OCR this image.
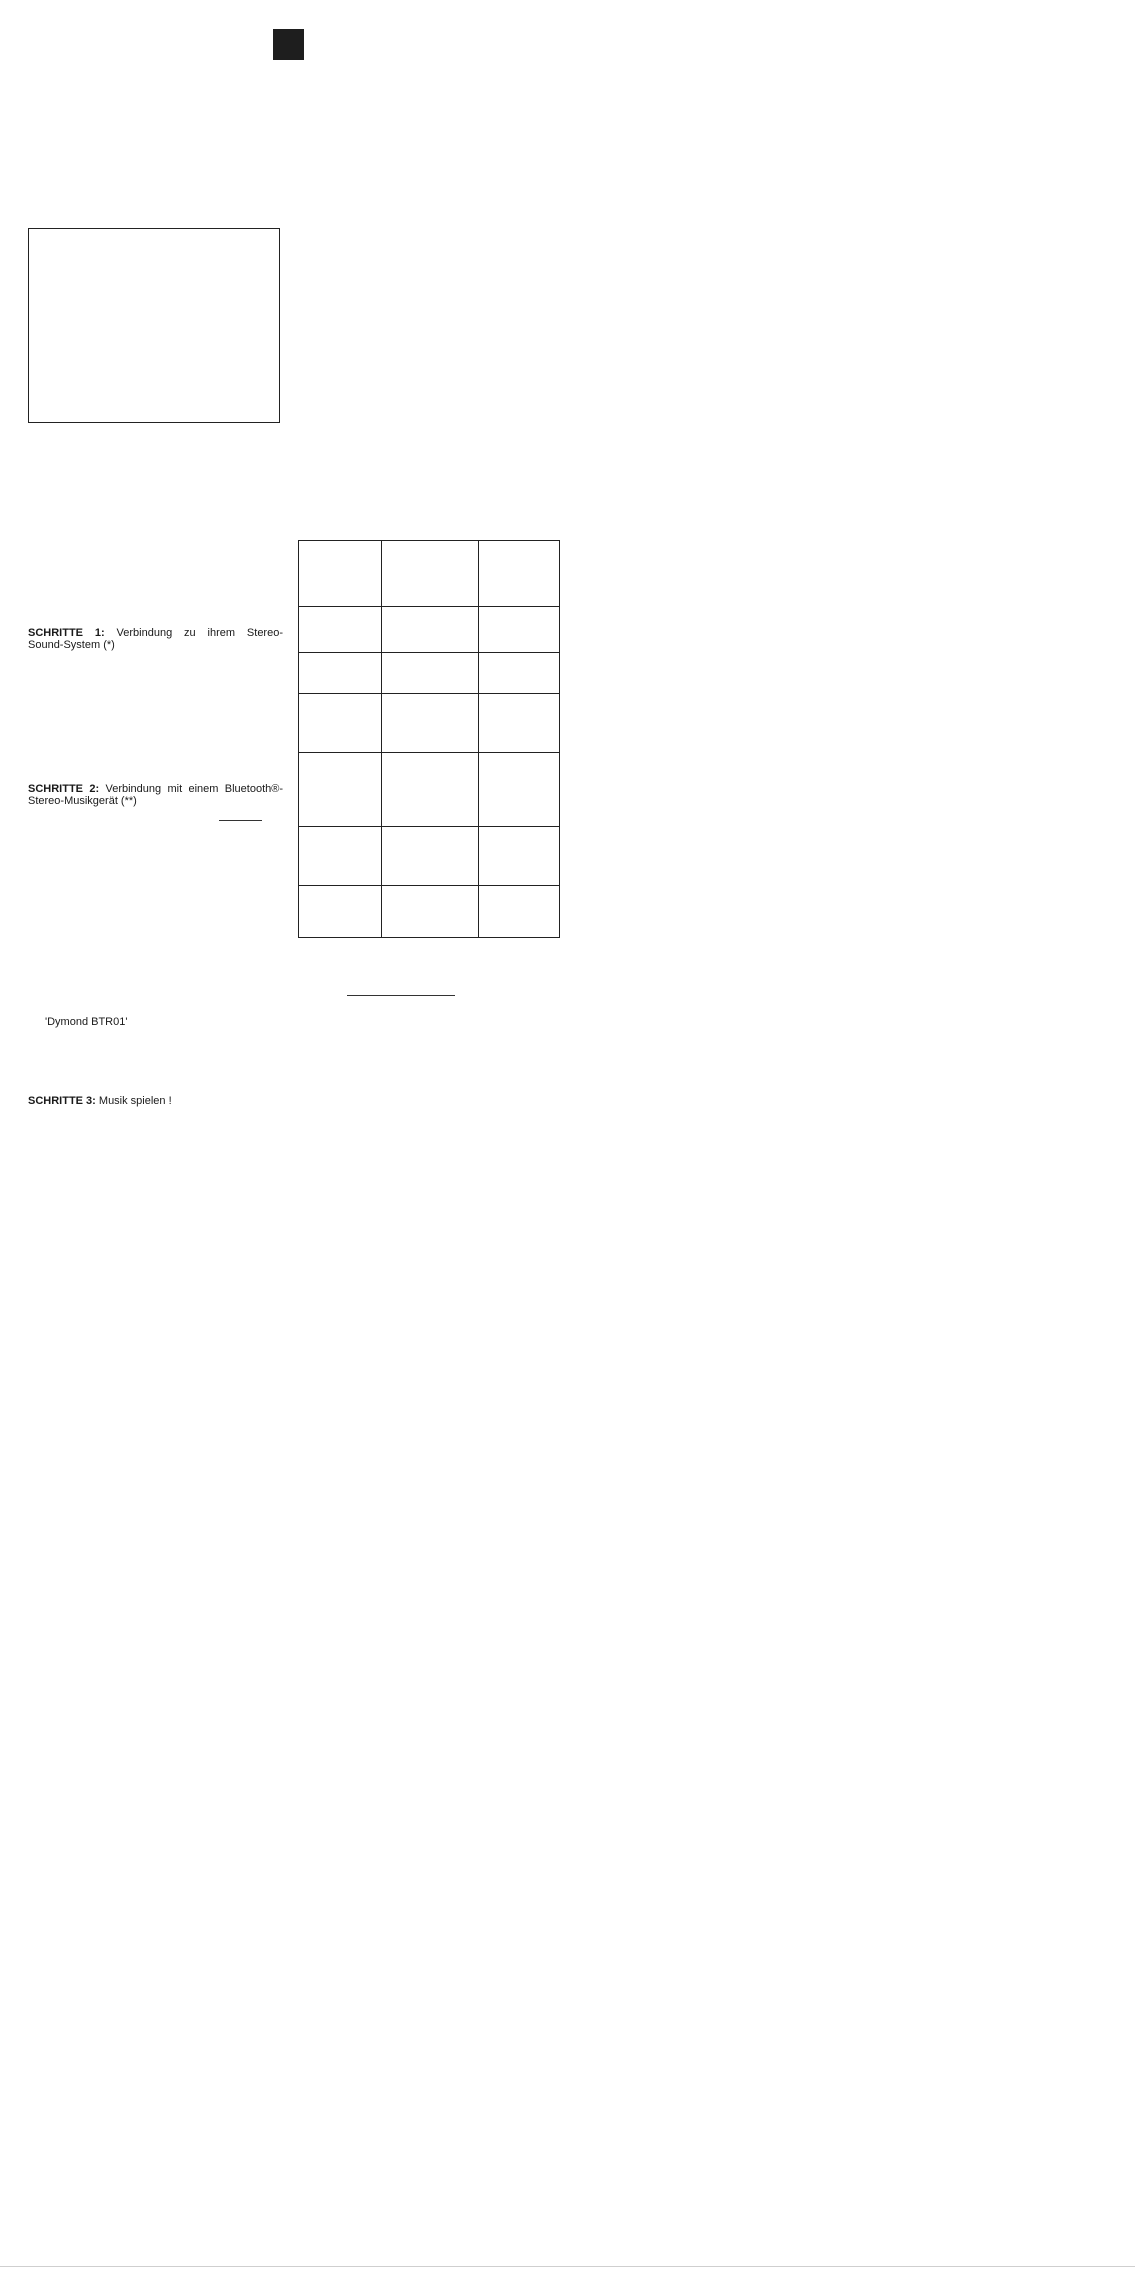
SCHRITTE 1: Verbindung zu ihrem Stereo-
Sound-System (*)
SCHRITTE 2: Verbindung mit einem Bluetooth®-
Stereo-Musikgerät (**)
'Dymond BTR01'
SCHRITTE 3: Musik spielen !
